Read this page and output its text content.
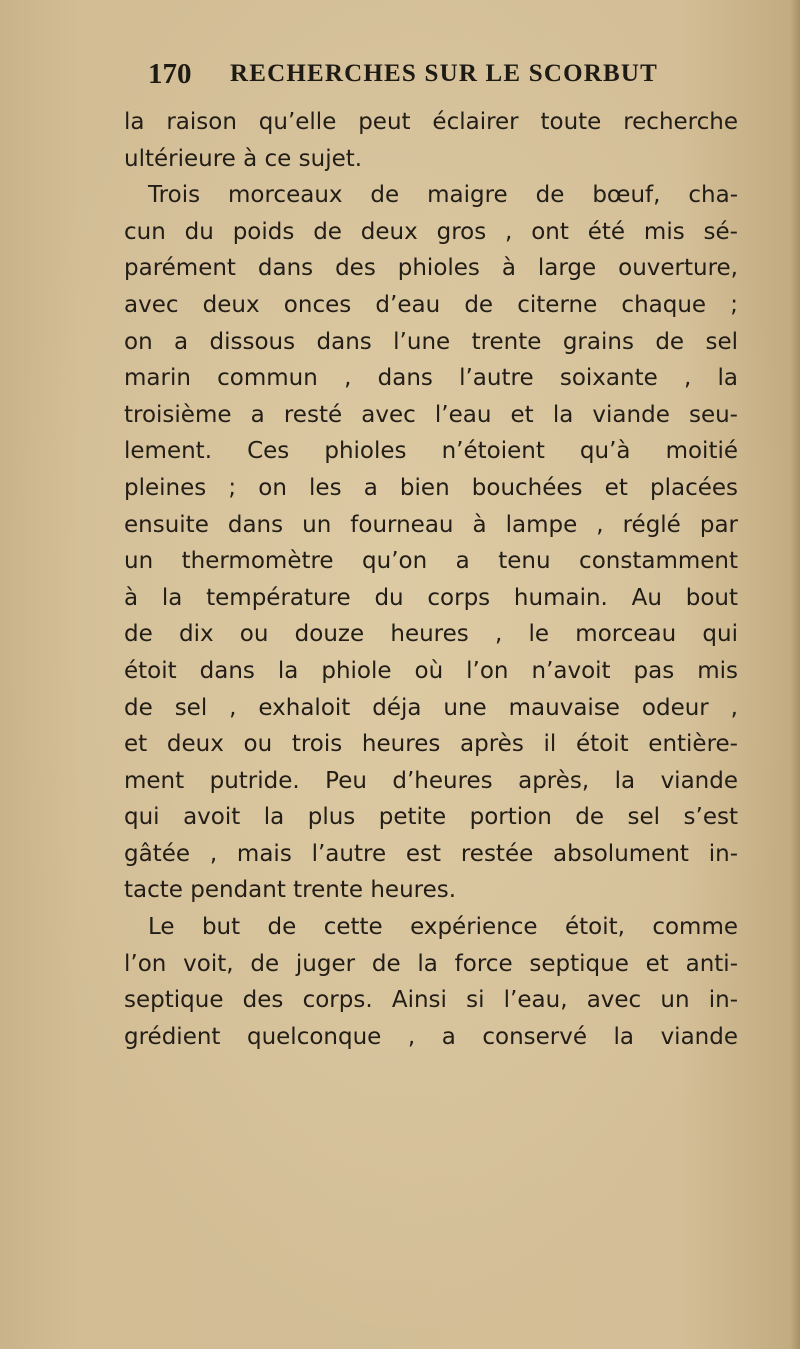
170 RECHERCHES SUR LE SCORBUT
la raison qu’elle peut éclairer toute recherche
ultérieure à ce sujet.
Trois morceaux de maigre de bœuf, cha-
cun du poids de deux gros , ont été mis sé-
parément dans des phioles à large ouverture,
avec deux onces d’eau de citerne chaque ;
on a dissous dans l’une trente grains de sel
marin commun , dans l’autre soixante , la
troisième a resté avec l’eau et la viande seu-
lement. Ces phioles n’étoient qu’à moitié
pleines ; on les a bien bouchées et placées
ensuite dans un fourneau à lampe , réglé par
un thermomètre qu’on a tenu constamment
à la température du corps humain. Au bout
de dix ou douze heures , le morceau qui
étoit dans la phiole où l’on n’avoit pas mis
de sel , exhaloit déja une mauvaise odeur ,
et deux ou trois heures après il étoit entière-
ment putride. Peu d’heures après, la viande
qui avoit la plus petite portion de sel s’est
gâtée , mais l’autre est restée absolument in-
tacte pendant trente heures.
Le but de cette expérience étoit, comme
l’on voit, de juger de la force septique et anti-
septique des corps. Ainsi si l’eau, avec un in-
grédient quelconque , a conservé la viande
